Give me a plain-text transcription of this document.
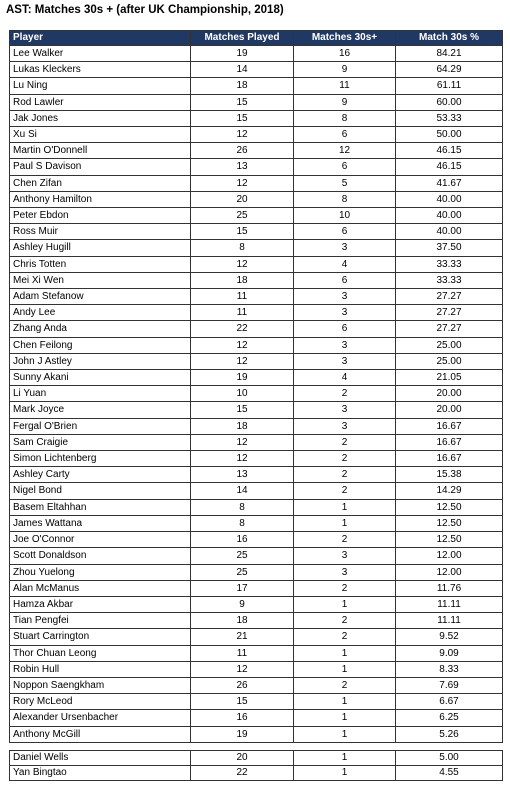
AST: Matches 30s + (after UK Championship, 2018)
Player	Matches Played	Matches 30s+	Match 30s %
Lee Walker	19	16	84.21
Lukas Kleckers	14	9	64.29
Lu Ning	18	11	61.11
Rod Lawler	15	9	60.00
Jak Jones	15	8	53.33
Xu Si	12	6	50.00
Martin O'Donnell	26	12	46.15
Paul S Davison	13	6	46.15
Chen Zifan	12	5	41.67
Anthony Hamilton	20	8	40.00
Peter Ebdon	25	10	40.00
Ross Muir	15	6	40.00
Ashley Hugill	8	3	37.50
Chris Totten	12	4	33.33
Mei Xi Wen	18	6	33.33
Adam Stefanow	11	3	27.27
Andy Lee	11	3	27.27
Zhang Anda	22	6	27.27
Chen Feilong	12	3	25.00
John J Astley	12	3	25.00
Sunny Akani	19	4	21.05
Li Yuan	10	2	20.00
Mark Joyce	15	3	20.00
Fergal O'Brien	18	3	16.67
Sam Craigie	12	2	16.67
Simon Lichtenberg	12	2	16.67
Ashley Carty	13	2	15.38
Nigel Bond	14	2	14.29
Basem Eltahhan	8	1	12.50
James Wattana	8	1	12.50
Joe O'Connor	16	2	12.50
Scott Donaldson	25	3	12.00
Zhou Yuelong	25	3	12.00
Alan McManus	17	2	11.76
Hamza Akbar	9	1	11.11
Tian Pengfei	18	2	11.11
Stuart Carrington	21	2	9.52
Thor Chuan Leong	11	1	9.09
Robin Hull	12	1	8.33
Noppon Saengkham	26	2	7.69
Rory McLeod	15	1	6.67
Alexander Ursenbacher	16	1	6.25
Anthony McGill	19	1	5.26
Daniel Wells	20	1	5.00
Yan Bingtao	22	1	4.55
